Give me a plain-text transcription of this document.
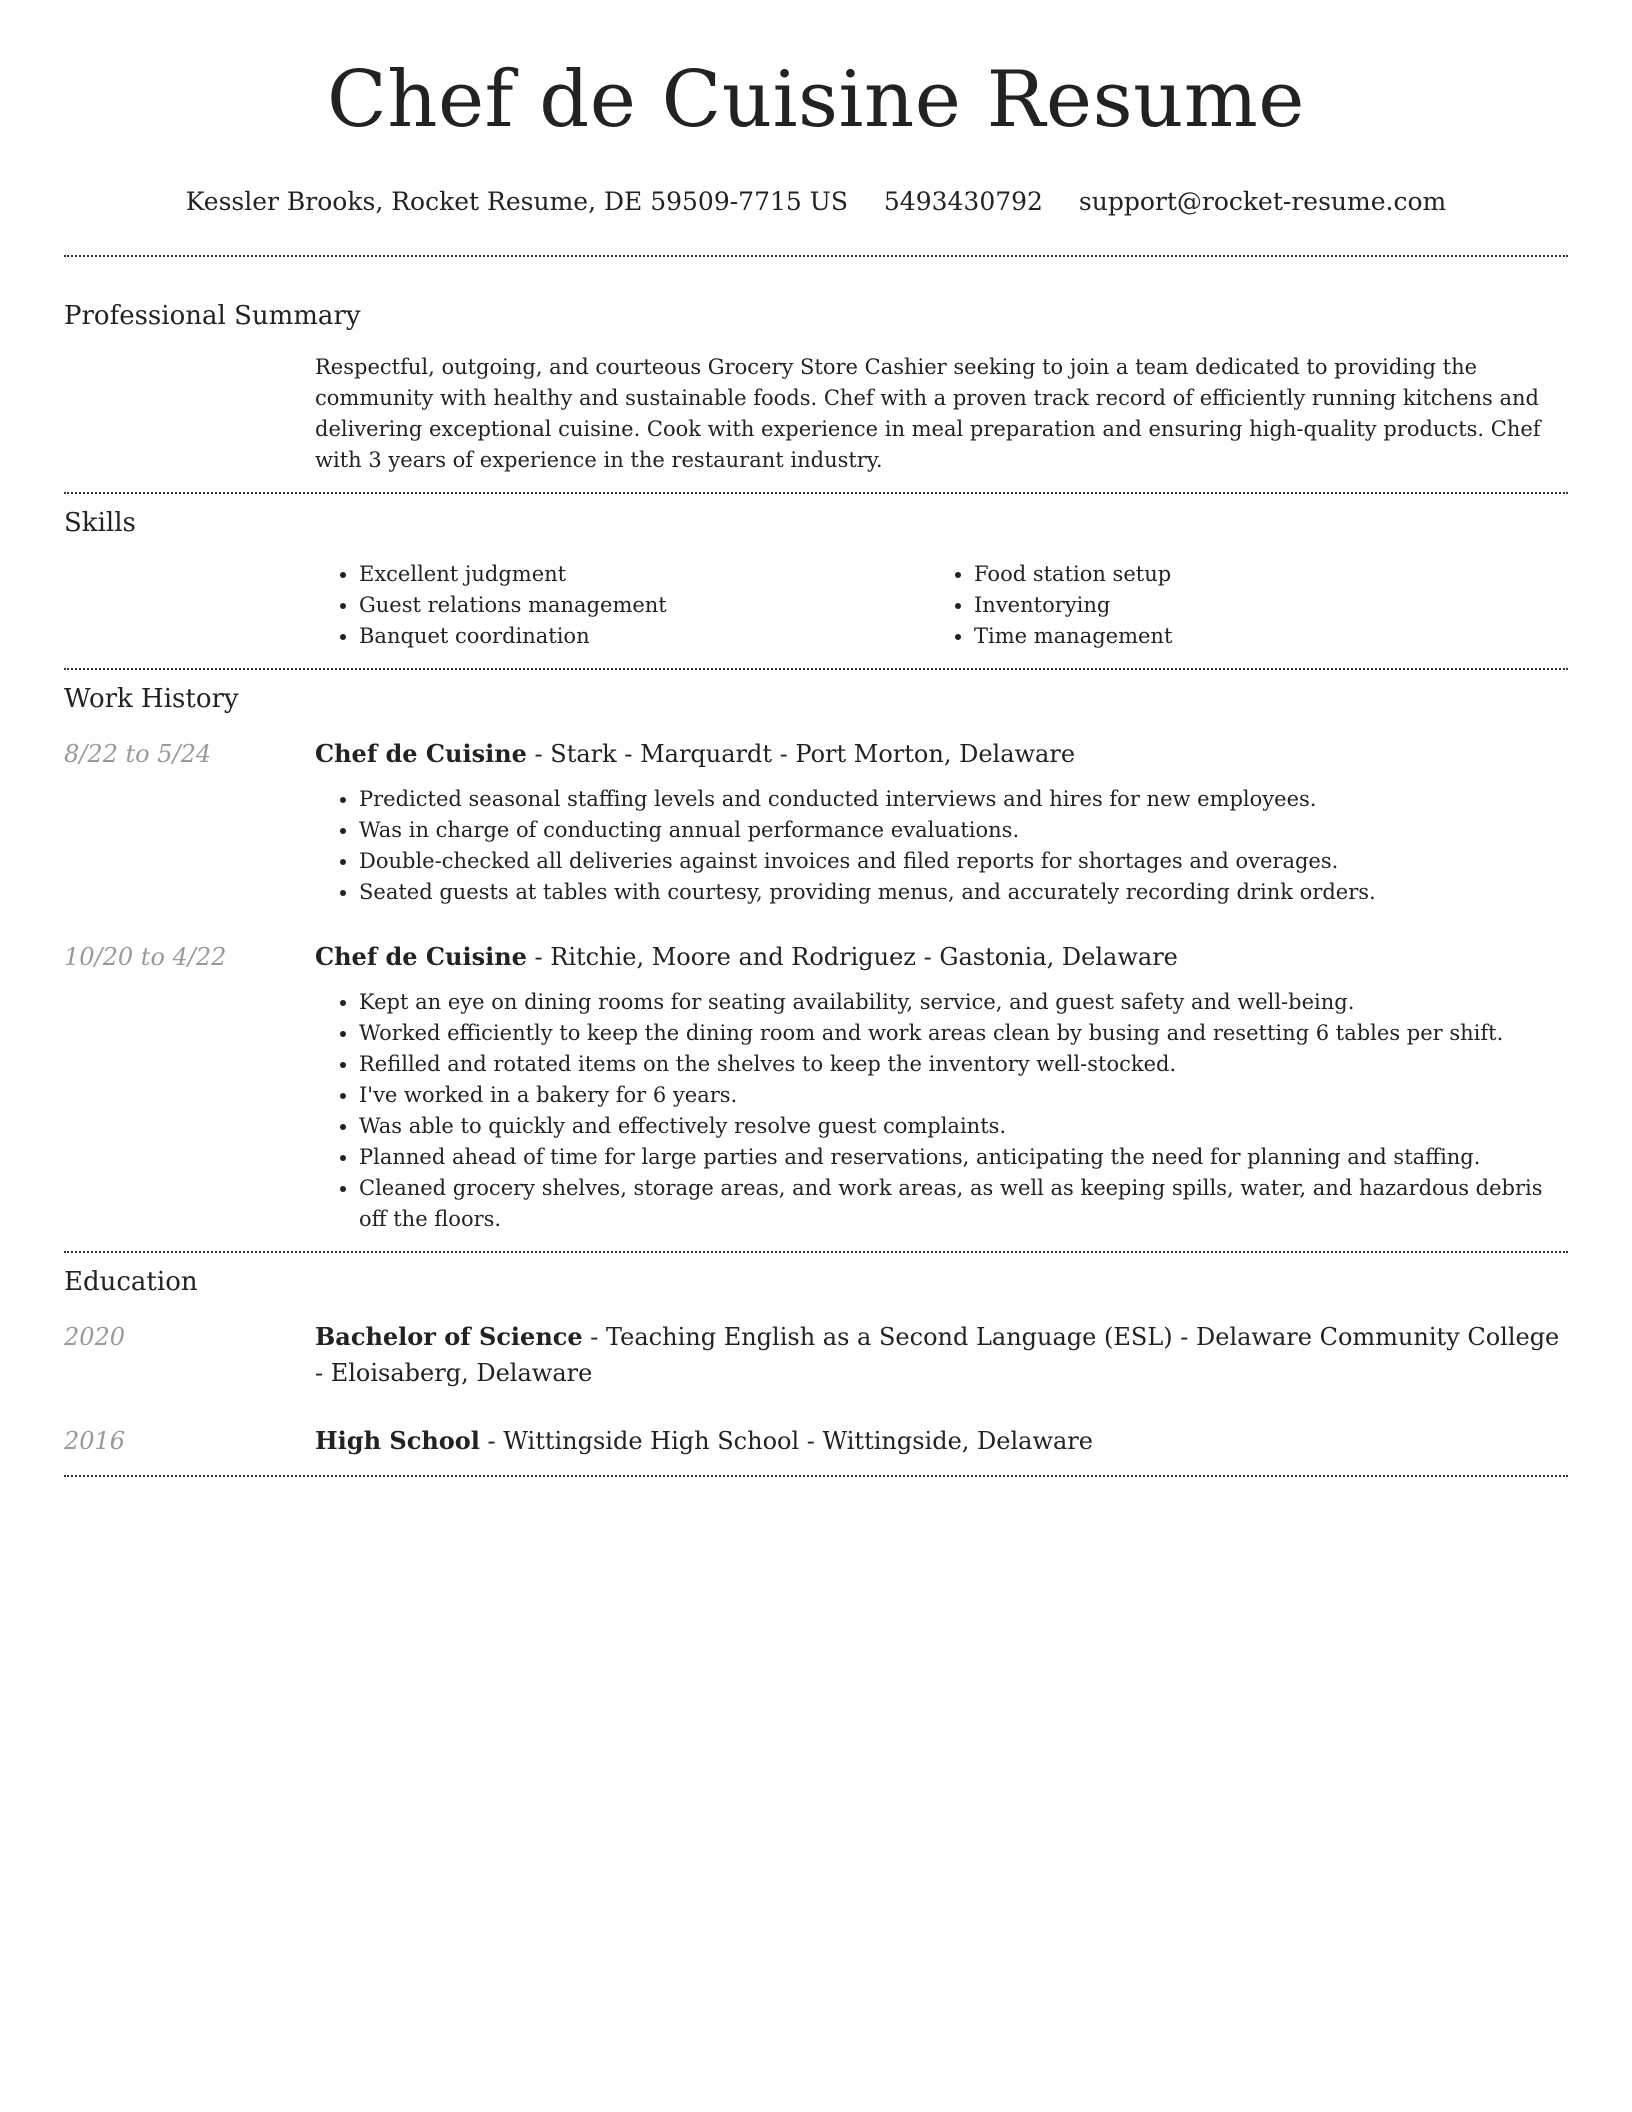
Chef de Cuisine Resume
Kessler Brooks, Rocket Resume, DE 59509-7715 US 5493430792 support@rocket-resume.com
Professional Summary

Respectful, outgoing, and courteous Grocery Store Cashier seeking to join a team dedicated to providing the community with healthy and sustainable foods. Chef with a proven track record of efficiently running kitchens and delivering exceptional cuisine. Cook with experience in meal preparation and ensuring high-quality products. Chef with 3 years of experience in the restaurant industry.

Skills
• Excellent judgment
• Guest relations management
• Banquet coordination
• Food station setup
• Inventorying
• Time management
Work History
8/22 to 5/24	Chef de Cuisine - Stark - Marquardt - Port Morton, Delaware
• Predicted seasonal staffing levels and conducted interviews and hires for new employees.
• Was in charge of conducting annual performance evaluations.
• Double-checked all deliveries against invoices and filed reports for shortages and overages.
• Seated guests at tables with courtesy, providing menus, and accurately recording drink orders.
10/20 to 4/22	Chef de Cuisine - Ritchie, Moore and Rodriguez - Gastonia, Delaware
• Kept an eye on dining rooms for seating availability, service, and guest safety and well-being.
• Worked efficiently to keep the dining room and work areas clean by busing and resetting 6 tables per shift.
• Refilled and rotated items on the shelves to keep the inventory well-stocked.
• I've worked in a bakery for 6 years.
• Was able to quickly and effectively resolve guest complaints.
• Planned ahead of time for large parties and reservations, anticipating the need for planning and staffing.
• Cleaned grocery shelves, storage areas, and work areas, as well as keeping spills, water, and hazardous debris off the floors.
Education
2020	Bachelor of Science - Teaching English as a Second Language (ESL) - Delaware Community College - Eloisaberg, Delaware
2016	High School - Wittingside High School - Wittingside, Delaware
